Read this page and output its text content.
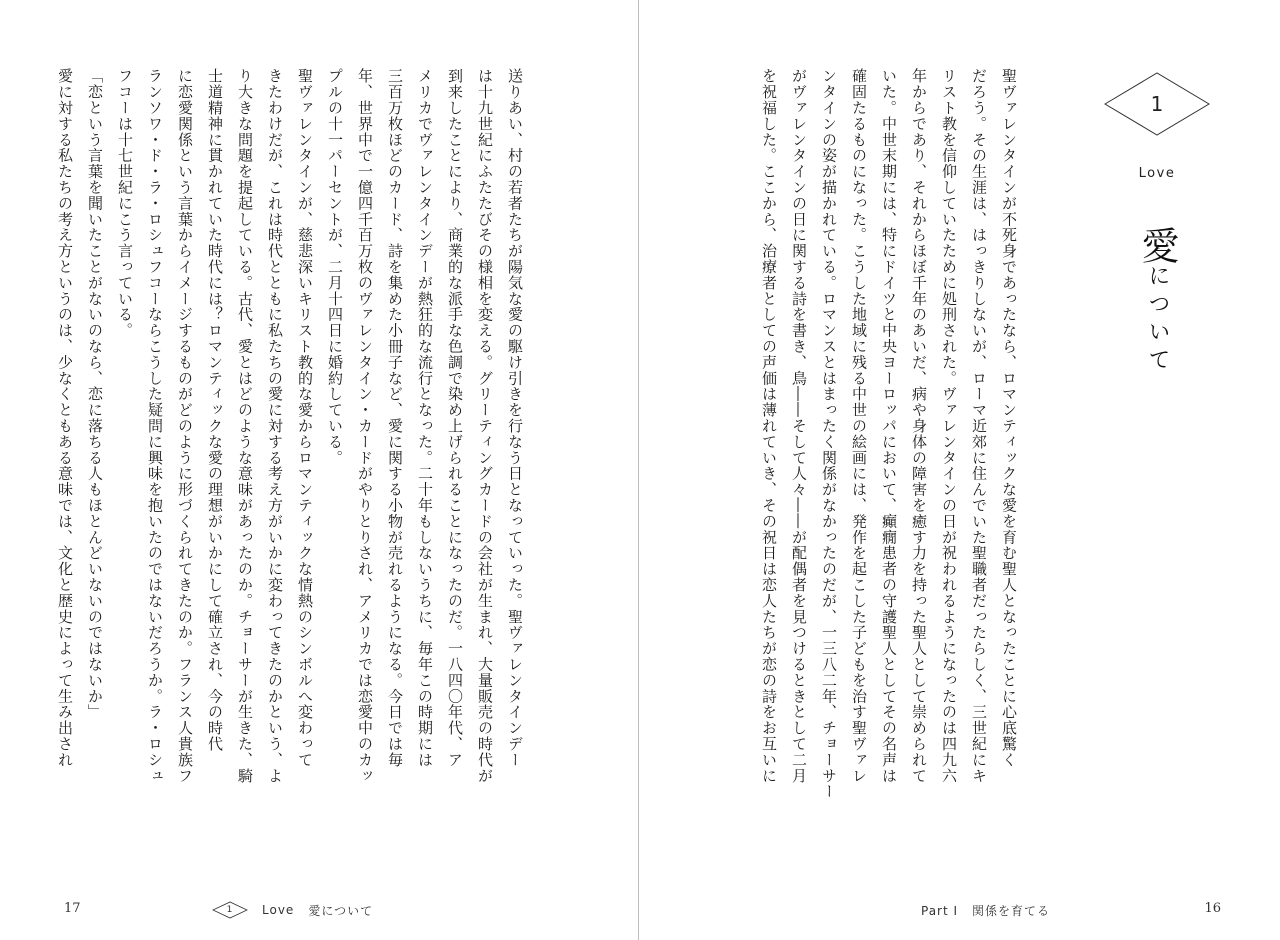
送りあい、村の若者たちが陽気な愛の駆け引きを行なう日となっていった。聖ヴァレンタインデー
は十九世紀にふたたびその様相を変える。グリーティングカードの会社が生まれ、大量販売の時代が
到来したことにより、商業的な派手な色調で染め上げられることになったのだ。一八四〇年代、ア
メリカでヴァレンタインデーが熱狂的な流行となった。二十年もしないうちに、毎年この時期には
三百万枚ほどのカード、詩を集めた小冊子など、愛に関する小物が売れるようになる。今日では毎
年、世界中で一億四千百万枚のヴァレンタイン・カードがやりとりされ、アメリカでは恋愛中のカッ
プルの十一パーセントが、二月十四日に婚約している。
聖ヴァレンタインが、慈悲深いキリスト教的な愛からロマンティックな情熱のシンボルへ変わって
きたわけだが、これは時代とともに私たちの愛に対する考え方がいかに変わってきたのかという、よ
り大きな問題を提起している。古代、愛とはどのような意味があったのか。チョーサーが生きた、騎
士道精神に貫かれていた時代には？ロマンティックな愛の理想がいかにして確立され、今の時代
に恋愛関係という言葉からイメージするものがどのように形づくられてきたのか。フランス人貴族フ
ランソワ・ド・ラ・ロシュフコーならこうした疑問に興味を抱いたのではないだろうか。ラ・ロシュ
フコーは十七世紀にこう言っている。
「恋という言葉を聞いたことがないのなら、恋に落ちる人もほとんどいないのではないか」
愛に対する私たちの考え方というのは、少なくともある意味では、文化と歴史によって生み出され
17	1	Love 愛について
聖ヴァレンタインが不死身であったなら、ロマンティックな愛を育む聖人となったことに心底驚く
だろう。その生涯は、はっきりしないが、ローマ近郊に住んでいた聖職者だったらしく、三世紀にキ
リスト教を信仰していたために処刑された。ヴァレンタインの日が祝われるようになったのは四九六
年からであり、それからほぼ千年のあいだ、病や身体の障害を癒す力を持った聖人として崇められて
いた。中世末期には、特にドイツと中央ヨーロッパにおいて、癲癇患者の守護聖人としてその名声は
確固たるものになった。こうした地域に残る中世の絵画には、発作を起こした子どもを治す聖ヴァレ
ンタインの姿が描かれている。ロマンスとはまったく関係がなかったのだが、一三八二年、チョーサー
がヴァレンタインの日に関する詩を書き、鳥――そして人々――が配偶者を見つけるときとして二月
を祝福した。ここから、治療者としての声価は薄れていき、その祝日は恋人たちが恋の詩をお互いに	1
Love
愛について
Part I 関係を育てる	16
